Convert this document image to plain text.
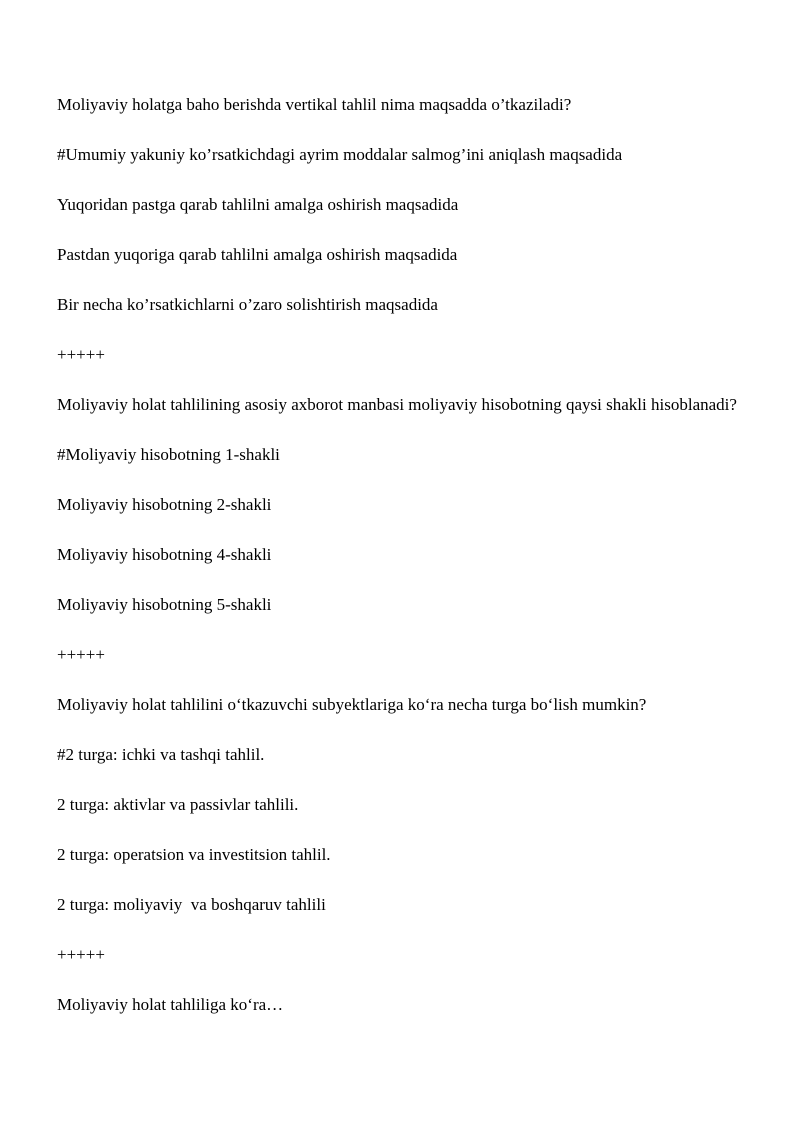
Moliyaviy holatga baho berishda vertikal tahlil nima maqsadda o’tkaziladi?

#Umumiy yakuniy ko’rsatkichdagi ayrim moddalar salmog’ini aniqlash maqsadida

Yuqoridan pastga qarab tahlilni amalga oshirish maqsadida

Pastdan yuqoriga qarab tahlilni amalga oshirish maqsadida

Bir necha ko’rsatkichlarni o’zaro solishtirish maqsadida

+++++

Moliyaviy holat tahlilining asosiy axborot manbasi moliyaviy hisobotning qaysi shakli hisoblanadi?

#Moliyaviy hisobotning 1-shakli

Moliyaviy hisobotning 2-shakli

Moliyaviy hisobotning 4-shakli

Moliyaviy hisobotning 5-shakli

+++++

Moliyaviy holat tahlilini o‘tkazuvchi subyektlariga ko‘ra necha turga bo‘lish mumkin?

#2 turga: ichki va tashqi tahlil.

2 turga: aktivlar va passivlar tahlili.

2 turga: operatsion va investitsion tahlil.

2 turga: moliyaviy  va boshqaruv tahlili

+++++

Moliyaviy holat tahliliga ko‘ra…
